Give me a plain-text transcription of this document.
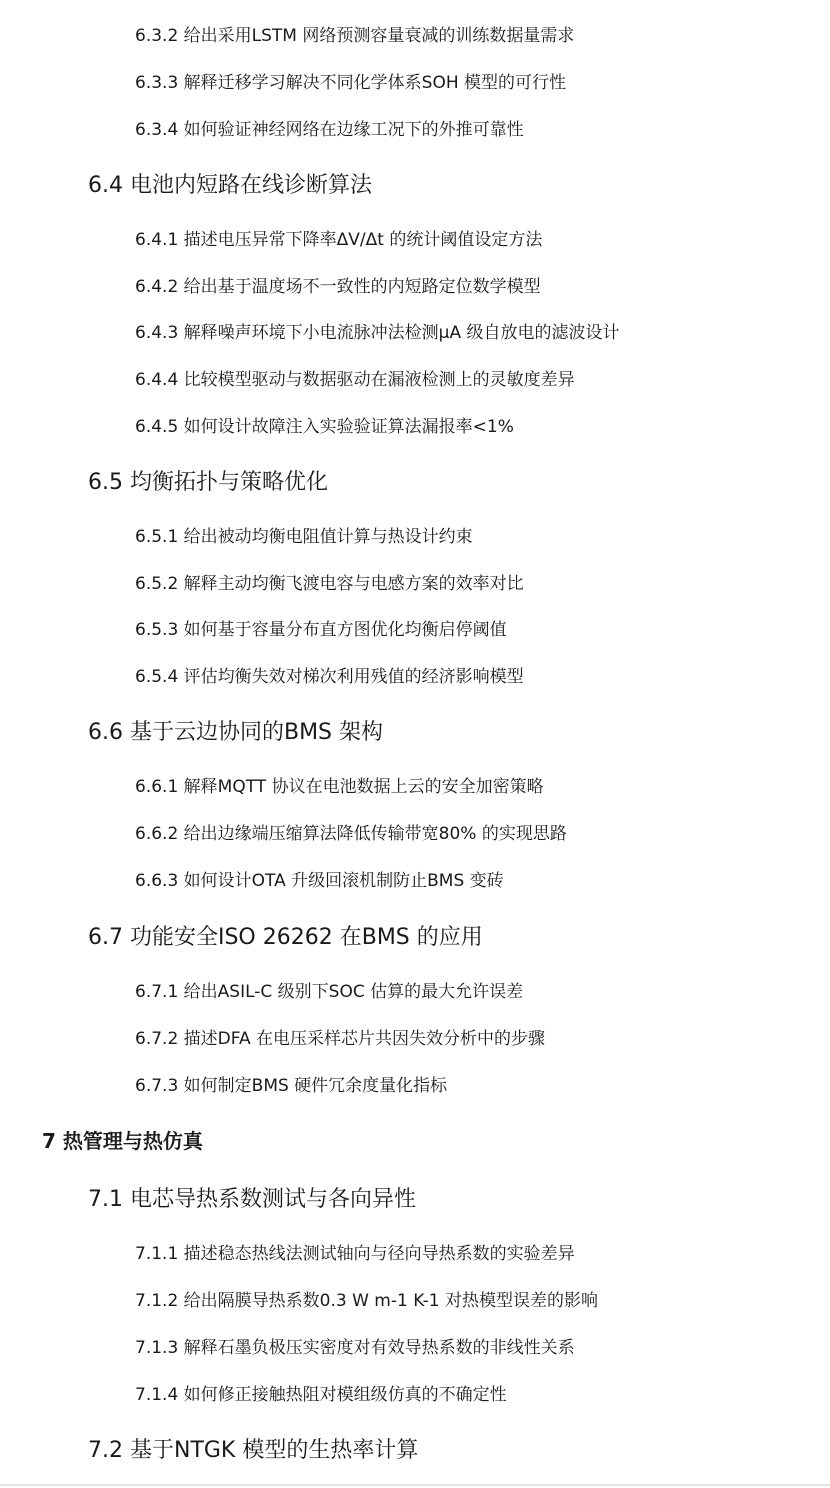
6.3.2 给出采用LSTM 网络预测容量衰减的训练数据量需求
6.3.3 解释迁移学习解决不同化学体系SOH 模型的可行性
6.3.4 如何验证神经网络在边缘工况下的外推可靠性
6.4 电池内短路在线诊断算法
6.4.1 描述电压异常下降率ΔV/Δt 的统计阈值设定方法
6.4.2 给出基于温度场不一致性的内短路定位数学模型
6.4.3 解释噪声环境下小电流脉冲法检测μA 级自放电的滤波设计
6.4.4 比较模型驱动与数据驱动在漏液检测上的灵敏度差异
6.4.5 如何设计故障注入实验验证算法漏报率<1%
6.5 均衡拓扑与策略优化
6.5.1 给出被动均衡电阻值计算与热设计约束
6.5.2 解释主动均衡飞渡电容与电感方案的效率对比
6.5.3 如何基于容量分布直方图优化均衡启停阈值
6.5.4 评估均衡失效对梯次利用残值的经济影响模型
6.6 基于云边协同的BMS 架构
6.6.1 解释MQTT 协议在电池数据上云的安全加密策略
6.6.2 给出边缘端压缩算法降低传输带宽80% 的实现思路
6.6.3 如何设计OTA 升级回滚机制防止BMS 变砖
6.7 功能安全ISO 26262 在BMS 的应用
6.7.1 给出ASIL-C 级别下SOC 估算的最大允许误差
6.7.2 描述DFA 在电压采样芯片共因失效分析中的步骤
6.7.3 如何制定BMS 硬件冗余度量化指标
7 热管理与热仿真
7.1 电芯导热系数测试与各向异性
7.1.1 描述稳态热线法测试轴向与径向导热系数的实验差异
7.1.2 给出隔膜导热系数0.3 W m-1 K-1 对热模型误差的影响
7.1.3 解释石墨负极压实密度对有效导热系数的非线性关系
7.1.4 如何修正接触热阻对模组级仿真的不确定性
7.2 基于NTGK 模型的生热率计算
